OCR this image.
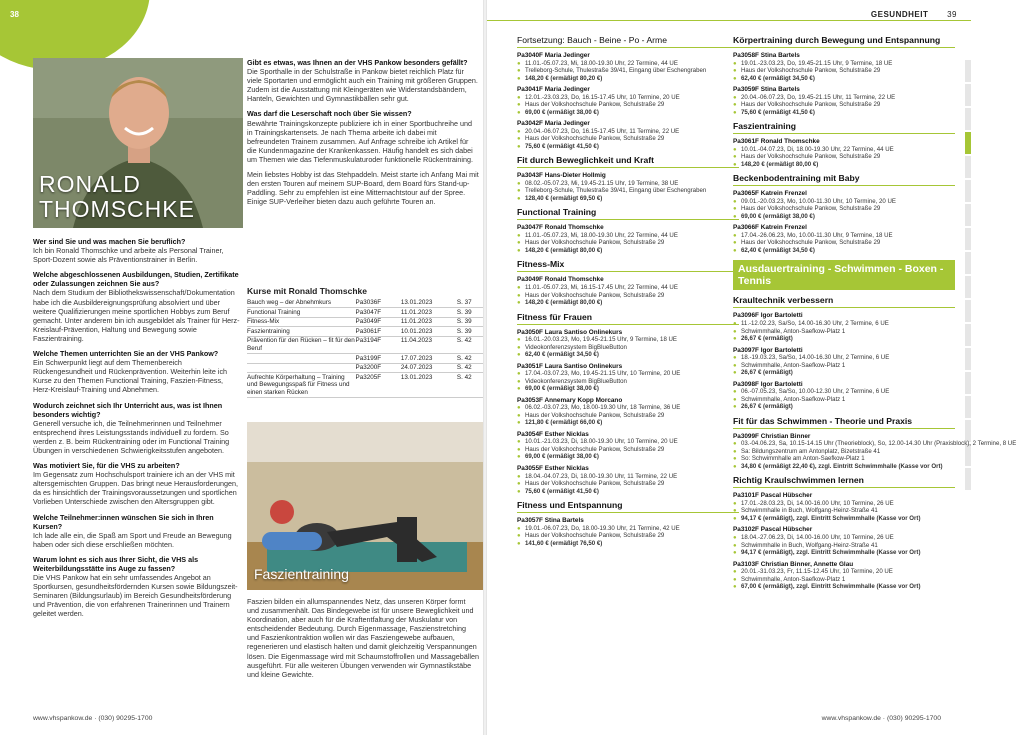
38
RONALD
THOMSCHKE
Wer sind Sie und was machen Sie beruflich?
Ich bin Ronald Thomschke und arbeite als Personal Trainer, Sport-Dozent sowie als Präventionstrainer in Berlin.
Welche abgeschlossenen Ausbildungen, Studien, Zertifikate oder Zulassungen zeichnen Sie aus?
Nach dem Studium der Bibliothekswissenschaft/Dokumentation habe ich die Ausbildereignungsprüfung absolviert und über weitere Qualifizierungen meine sportlichen Hobbys zum Beruf gemacht. Unter anderem bin ich ausgebildet als Trainer für Herz-Kreislauf-Prävention, Haltung und Bewegung sowie Faszientraining.
Welche Themen unterrichten Sie an der VHS Pankow?
Ein Schwerpunkt liegt auf dem Themenbereich Rückengesundheit und Rückenprävention. Weiterhin leite ich Kurse zu den Themen Functional Training, Faszien-Fitness, Herz-Kreislauf-Training und Abnehmen.
Wodurch zeichnet sich Ihr Unterricht aus, was ist Ihnen besonders wichtig?
Generell versuche ich, die Teilnehmerinnen und Teilnehmer entsprechend ihres Leistungsstands individuell zu fordern. So werden z. B. beim Rückentraining oder im Functional Training Übungen in verschiedenen Schwierigkeitsstufen angeboten.
Was motiviert Sie, für die VHS zu arbeiten?
Im Gegensatz zum Hochschulsport trainiere ich an der VHS mit altersgemischten Gruppen. Das bringt neue Herausforderungen, da es hinsichtlich der Trainingsvoraussetzungen und sportlichen Vorlieben Unterschiede zwischen den Altersgruppen gibt.
Welche Teilnehmer:innen wünschen Sie sich in Ihren Kursen?
Ich lade alle ein, die Spaß am Sport und Freude an Bewegung haben oder sich diese erschließen möchten.
Warum lohnt es sich aus Ihrer Sicht, die VHS als Weiterbildungsstätte ins Auge zu fassen?
Die VHS Pankow hat ein sehr umfassendes Angebot an Sportkursen, gesundheitsfördernden Kursen sowie Bildungszeit-Seminaren (Bildungsurlaub) im Bereich Gesundheitsförderung und Prävention, die von erfahrenen Trainerinnen und Trainern geleitet werden.
Gibt es etwas, was Ihnen an der VHS Pankow besonders gefällt?
Die Sporthalle in der Schulstraße in Pankow bietet reichlich Platz für viele Sportarten und ermöglicht auch ein Training mit größeren Gruppen. Zudem ist die Ausstattung mit Kleingeräten wie Widerstandsbändern, Hanteln, Gewichten und Gymnastikbällen sehr gut.
Was darf die Leserschaft noch über Sie wissen?
Bewährte Trainingskonzepte publiziere ich in einer Sportbuchreihe und in Trainingskartensets. Je nach Thema arbeite ich dabei mit befreundeten Trainern zusammen. Auf Anfrage schreibe ich Artikel für die Kundenmagazine der Krankenkassen. Häufig handelt es sich dabei um Themen wie das Tiefenmuskulaturoder funktionelle Rückentraining.
Mein liebstes Hobby ist das Stehpaddeln. Meist starte ich Anfang Mai mit den ersten Touren auf meinem SUP-Board, dem Board fürs Stand-up-Paddling. Sehr zu empfehlen ist eine Mitternachtstour auf der Spree. Einige SUP-Verleiher bieten dazu auch geführte Touren an.
Kurse mit Ronald Thomschke
Bauch weg – der Abnehmkurs	Pa3036F	13.01.2023	S. 37
Functional Training	Pa3047F	11.01.2023	S. 39
Fitness-Mix	Pa3049F	11.01.2023	S. 39
Faszientraining	Pa3061F	10.01.2023	S. 39
Prävention für den Rücken – fit für den Beruf	Pa3194F	11.04.2023	S. 42
	Pa3199F	17.07.2023	S. 42
	Pa3200F	24.07.2023	S. 42
Aufrechte Körperhaltung – Training und Bewegungsspaß für Fitness und einen starken Rücken	Pa3205F	13.01.2023	S. 42
Faszientraining
Faszien bilden ein allumspannendes Netz, das unseren Körper formt und zusammenhält. Das Bindegewebe ist für unsere Beweglichkeit und Koordination, aber auch für die Kraftentfaltung der Muskulatur von entscheidender Bedeutung. Durch Eigenmassage, Faszienstretching und Faszienkontraktion wollen wir das Fasziengewebe aufbauen, regenerieren und elastisch halten und damit gleichzeitig Verspannungen lösen. Die Eigenmassage wird mit Schaumstoffrollen und Massagebällen ausgeführt. Für alle weiteren Übungen verwenden wir Gymnastikstäbe und kleine Gewichte.
www.vhspankow.de · (030) 90295-1700
GESUNDHEIT 39
Fortsetzung: Bauch - Beine - Po - Arme
Pa3040F Maria Jedinger
● 11.01.-05.07.23, Mi, 18.00-19.30 Uhr, 22 Termine, 44 UE
● Trelleborg-Schule, Thulestraße 39/41, Eingang über Eschengraben
● 148,20 € (ermäßigt 80,20 €)
Pa3041F Maria Jedinger
● 12.01.-23.03.23, Do, 16.15-17.45 Uhr, 10 Termine, 20 UE
● Haus der Volkshochschule Pankow, Schulstraße 29
● 69,00 € (ermäßigt 38,00 €)
Pa3042F Maria Jedinger
● 20.04.-06.07.23, Do, 16.15-17.45 Uhr, 11 Termine, 22 UE
● Haus der Volkshochschule Pankow, Schulstraße 29
● 75,60 € (ermäßigt 41,50 €)
Fit durch Beweglichkeit und Kraft
Pa3043F Hans-Dieter Hollmig
● 08.02.-05.07.23, Mi, 19.45-21.15 Uhr, 19 Termine, 38 UE
● Trelleborg-Schule, Thulestraße 39/41, Eingang über Eschengraben
● 128,40 € (ermäßigt 69,50 €)
Functional Training
Pa3047F Ronald Thomschke
● 11.01.-05.07.23, Mi, 18.00-19.30 Uhr, 22 Termine, 44 UE
● Haus der Volkshochschule Pankow, Schulstraße 29
● 148,20 € (ermäßigt 80,00 €)
Fitness-Mix
Pa3049F Ronald Thomschke
● 11.01.-05.07.23, Mi, 16.15-17.45 Uhr, 22 Termine, 44 UE
● Haus der Volkshochschule Pankow, Schulstraße 29
● 148,20 € (ermäßigt 80,00 €)
Fitness für Frauen
Pa3050F Laura Santiso Onlinekurs
● 16.01.-20.03.23, Mo, 19.45-21.15 Uhr, 9 Termine, 18 UE
● Videokonferenzsystem BigBlueButton
● 62,40 € (ermäßigt 34,50 €)
Pa3051F Laura Santiso Onlinekurs
● 17.04.-03.07.23, Mo, 19.45-21.15 Uhr, 10 Termine, 20 UE
● Videokonferenzsystem BigBlueButton
● 69,00 € (ermäßigt 38,00 €)
Pa3053F Annemary Kopp Morcano
● 06.02.-03.07.23, Mo, 18.00-19.30 Uhr, 18 Termine, 36 UE
● Haus der Volkshochschule Pankow, Schulstraße 29
● 121,80 € (ermäßigt 66,00 €)
Pa3054F Esther Nicklas
● 10.01.-21.03.23, Di, 18.00-19.30 Uhr, 10 Termine, 20 UE
● Haus der Volkshochschule Pankow, Schulstraße 29
● 69,00 € (ermäßigt 38,00 €)
Pa3055F Esther Nicklas
● 18.04.-04.07.23, Di, 18.00-19.30 Uhr, 11 Termine, 22 UE
● Haus der Volkshochschule Pankow, Schulstraße 29
● 75,60 € (ermäßigt 41,50 €)
Fitness und Entspannung
Pa3057F Stina Bartels
● 19.01.-06.07.23, Do, 18.00-19.30 Uhr, 21 Termine, 42 UE
● Haus der Volkshochschule Pankow, Schulstraße 29
● 141,60 € (ermäßigt 76,50 €)
Körpertraining durch Bewegung und Entspannung
Pa3058F Stina Bartels
● 19.01.-23.03.23, Do, 19.45-21.15 Uhr, 9 Termine, 18 UE
● Haus der Volkshochschule Pankow, Schulstraße 29
● 62,40 € (ermäßigt 34,50 €)
Pa3059F Stina Bartels
● 20.04.-06.07.23, Do, 19.45-21.15 Uhr, 11 Termine, 22 UE
● Haus der Volkshochschule Pankow, Schulstraße 29
● 75,60 € (ermäßigt 41,50 €)
Faszientraining
Pa3061F Ronald Thomschke
● 10.01.-04.07.23, Di, 18.00-19.30 Uhr, 22 Termine, 44 UE
● Haus der Volkshochschule Pankow, Schulstraße 29
● 148,20 € (ermäßigt 80,00 €)
Beckenbodentraining mit Baby
Pa3065F Katrein Frenzel
● 09.01.-20.03.23, Mo, 10.00-11.30 Uhr, 10 Termine, 20 UE
● Haus der Volkshochschule Pankow, Schulstraße 29
● 69,00 € (ermäßigt 38,00 €)
Pa3066F Katrein Frenzel
● 17.04.-26.06.23, Mo, 10.00-11.30 Uhr, 9 Termine, 18 UE
● Haus der Volkshochschule Pankow, Schulstraße 29
● 62,40 € (ermäßigt 34,50 €)
Ausdauertraining - Schwimmen - Boxen - Tennis
Kraultechnik verbessern
Pa3096F Igor Bartoletti
● 11.-12.02.23, Sa/So, 14.00-16.30 Uhr, 2 Termine, 6 UE
● Schwimmhalle, Anton-Saefkow-Platz 1
● 26,67 € (ermäßigt)
Pa3097F Igor Bartoletti
● 18.-19.03.23, Sa/So, 14.00-16.30 Uhr, 2 Termine, 6 UE
● Schwimmhalle, Anton-Saefkow-Platz 1
● 26,67 € (ermäßigt)
Pa3098F Igor Bartoletti
● 06.-07.05.23, Sa/So, 10.00-12.30 Uhr, 2 Termine, 6 UE
● Schwimmhalle, Anton-Saefkow-Platz 1
● 26,67 € (ermäßigt)
Fit für das Schwimmen - Theorie und Praxis
Pa3099F Christian Binner
● 03.-04.06.23, Sa, 10.15-14.15 Uhr (Theorieblock), So, 12.00-14.30 Uhr (Praxisblock), 2 Termine, 8 UE
● Sa: Bildungszentrum am Antonplatz, Bizetstraße 41
● So: Schwimmhalle am Anton-Saefkow-Platz 1
● 34,80 € (ermäßigt 22,40 €), zzgl. Eintritt Schwimmhalle (Kasse vor Ort)
Richtig Kraulschwimmen lernen
Pa3101F Pascal Hübscher
● 17.01.-28.03.23, Di, 14.00-16.00 Uhr, 10 Termine, 26 UE
● Schwimmhalle in Buch, Wolfgang-Heinz-Straße 41
● 94,17 € (ermäßigt), zzgl. Eintritt Schwimmhalle (Kasse vor Ort)
Pa3102F Pascal Hübscher
● 18.04.-27.06.23, Di, 14.00-16.00 Uhr, 10 Termine, 26 UE
● Schwimmhalle in Buch, Wolfgang-Heinz-Straße 41
● 94,17 € (ermäßigt), zzgl. Eintritt Schwimmhalle (Kasse vor Ort)
Pa3103F Christian Binner, Annette Glau
● 20.01.-31.03.23, Fr, 11.15-12.45 Uhr, 10 Termine, 20 UE
● Schwimmhalle, Anton-Saefkow-Platz 1
● 67,00 € (ermäßigt), zzgl. Eintritt Schwimmhalle (Kasse vor Ort)
www.vhspankow.de · (030) 90295-1700
